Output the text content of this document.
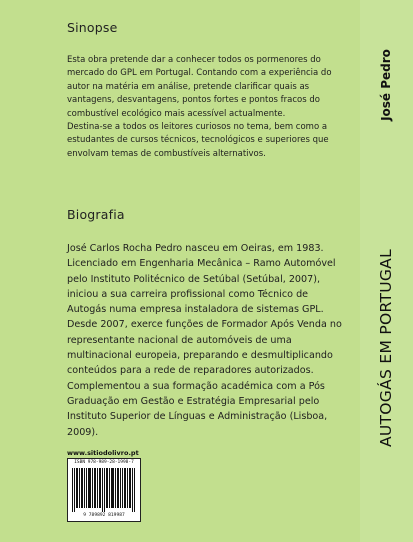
Sinopse

Esta obra pretende dar a conhecer todos os pormenores do mercado do GPL em Portugal. Contando com a experiência do autor na matéria em análise, pretende clarificar quais as vantagens, desvantagens, pontos fortes e pontos fracos do combustível ecológico mais acessível actualmente.

Destina-se a todos os leitores curiosos no tema, bem como a estudantes de cursos técnicos, tecnológicos e superiores que envolvam temas de combustíveis alternativos.

Biografia

José Carlos Rocha Pedro nasceu em Oeiras, em 1983. Licenciado em Engenharia Mecânica – Ramo Automóvel pelo Instituto Politécnico de Setúbal (Setúbal, 2007), iniciou a sua carreira profissional como Técnico de Autogás numa empresa instaladora de sistemas GPL. Desde 2007, exerce funções de Formador Após Venda no representante nacional de automóveis de uma multinacional europeia, preparando e desmultiplicando conteúdos para a rede de reparadores autorizados. Complementou a sua formação académica com a Pós Graduação em Gestão e Estratégia Empresarial pelo Instituto Superior de Línguas e Administração (Lisboa, 2009).

www.sitiodolivro.pt
ISBN 978-989-28-1998-7
9 789892 819987
José Pedro
AUTOGÁS EM PORTUGAL
